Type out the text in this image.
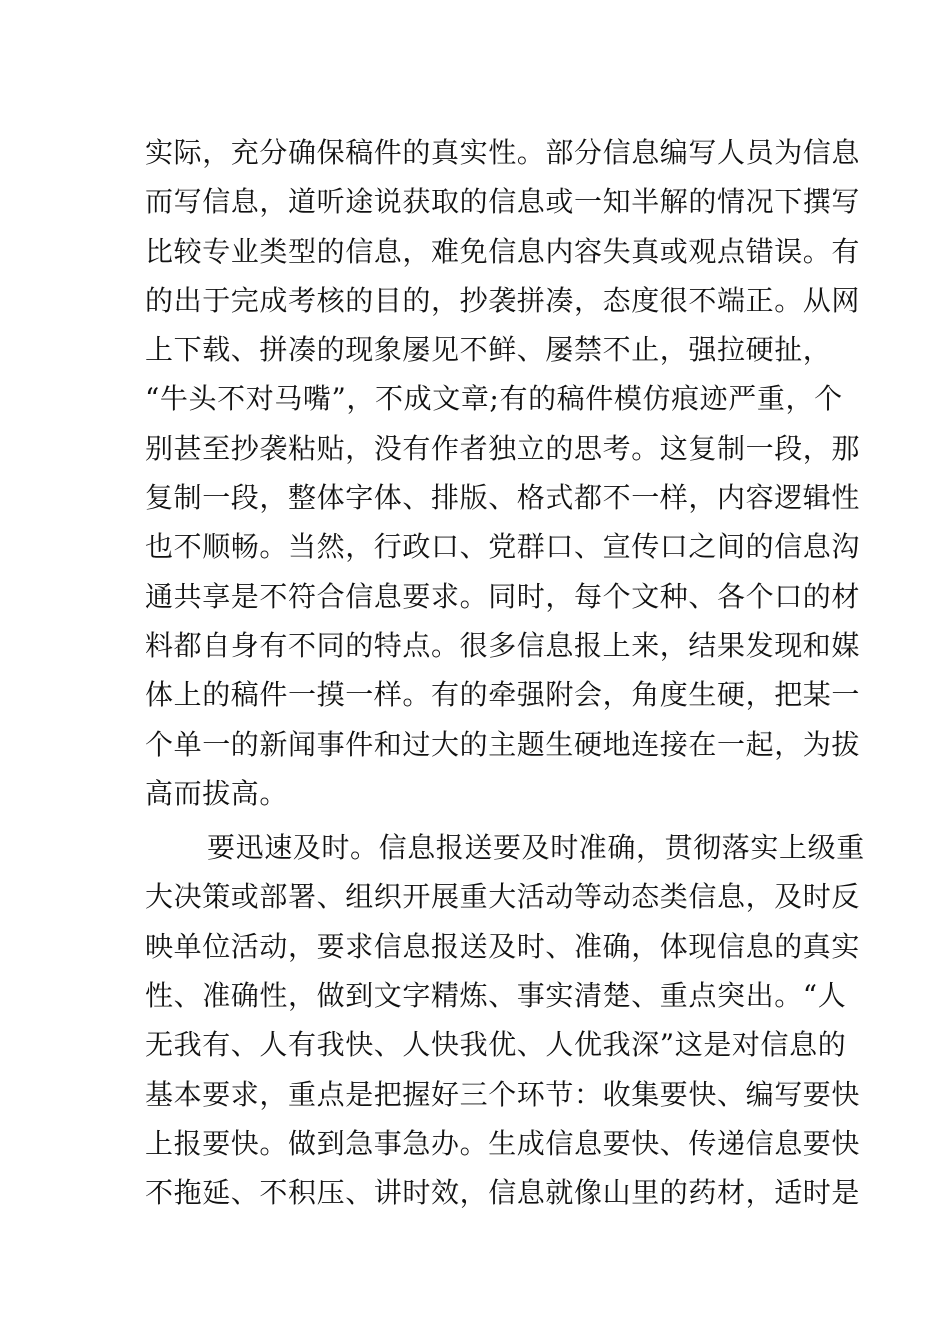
实际，充分确保稿件的真实性。部分信息编写人员为信息
而写信息，道听途说获取的信息或一知半解的情况下撰写
比较专业类型的信息，难免信息内容失真或观点错误。有
的出于完成考核的目的，抄袭拼凑，态度很不端正。从网
上下载、拼凑的现象屡见不鲜、屡禁不止，强拉硬扯，
“牛头不对马嘴”，不成文章;有的稿件模仿痕迹严重，个
别甚至抄袭粘贴，没有作者独立的思考。这复制一段，那
复制一段，整体字体、排版、格式都不一样，内容逻辑性
也不顺畅。当然，行政口、党群口、宣传口之间的信息沟
通共享是不符合信息要求。同时，每个文种、各个口的材
料都自身有不同的特点。很多信息报上来，结果发现和媒
体上的稿件一摸一样。有的牵强附会，角度生硬，把某一
个单一的新闻事件和过大的主题生硬地连接在一起，为拔
高而拔高。
要迅速及时。信息报送要及时准确，贯彻落实上级重
大决策或部署、组织开展重大活动等动态类信息，及时反
映单位活动，要求信息报送及时、准确，体现信息的真实
性、准确性，做到文字精炼、事实清楚、重点突出。“人
无我有、人有我快、人快我优、人优我深”这是对信息的
基本要求，重点是把握好三个环节：收集要快、编写要快
上报要快。做到急事急办。生成信息要快、传递信息要快
不拖延、不积压、讲时效，信息就像山里的药材，适时是
